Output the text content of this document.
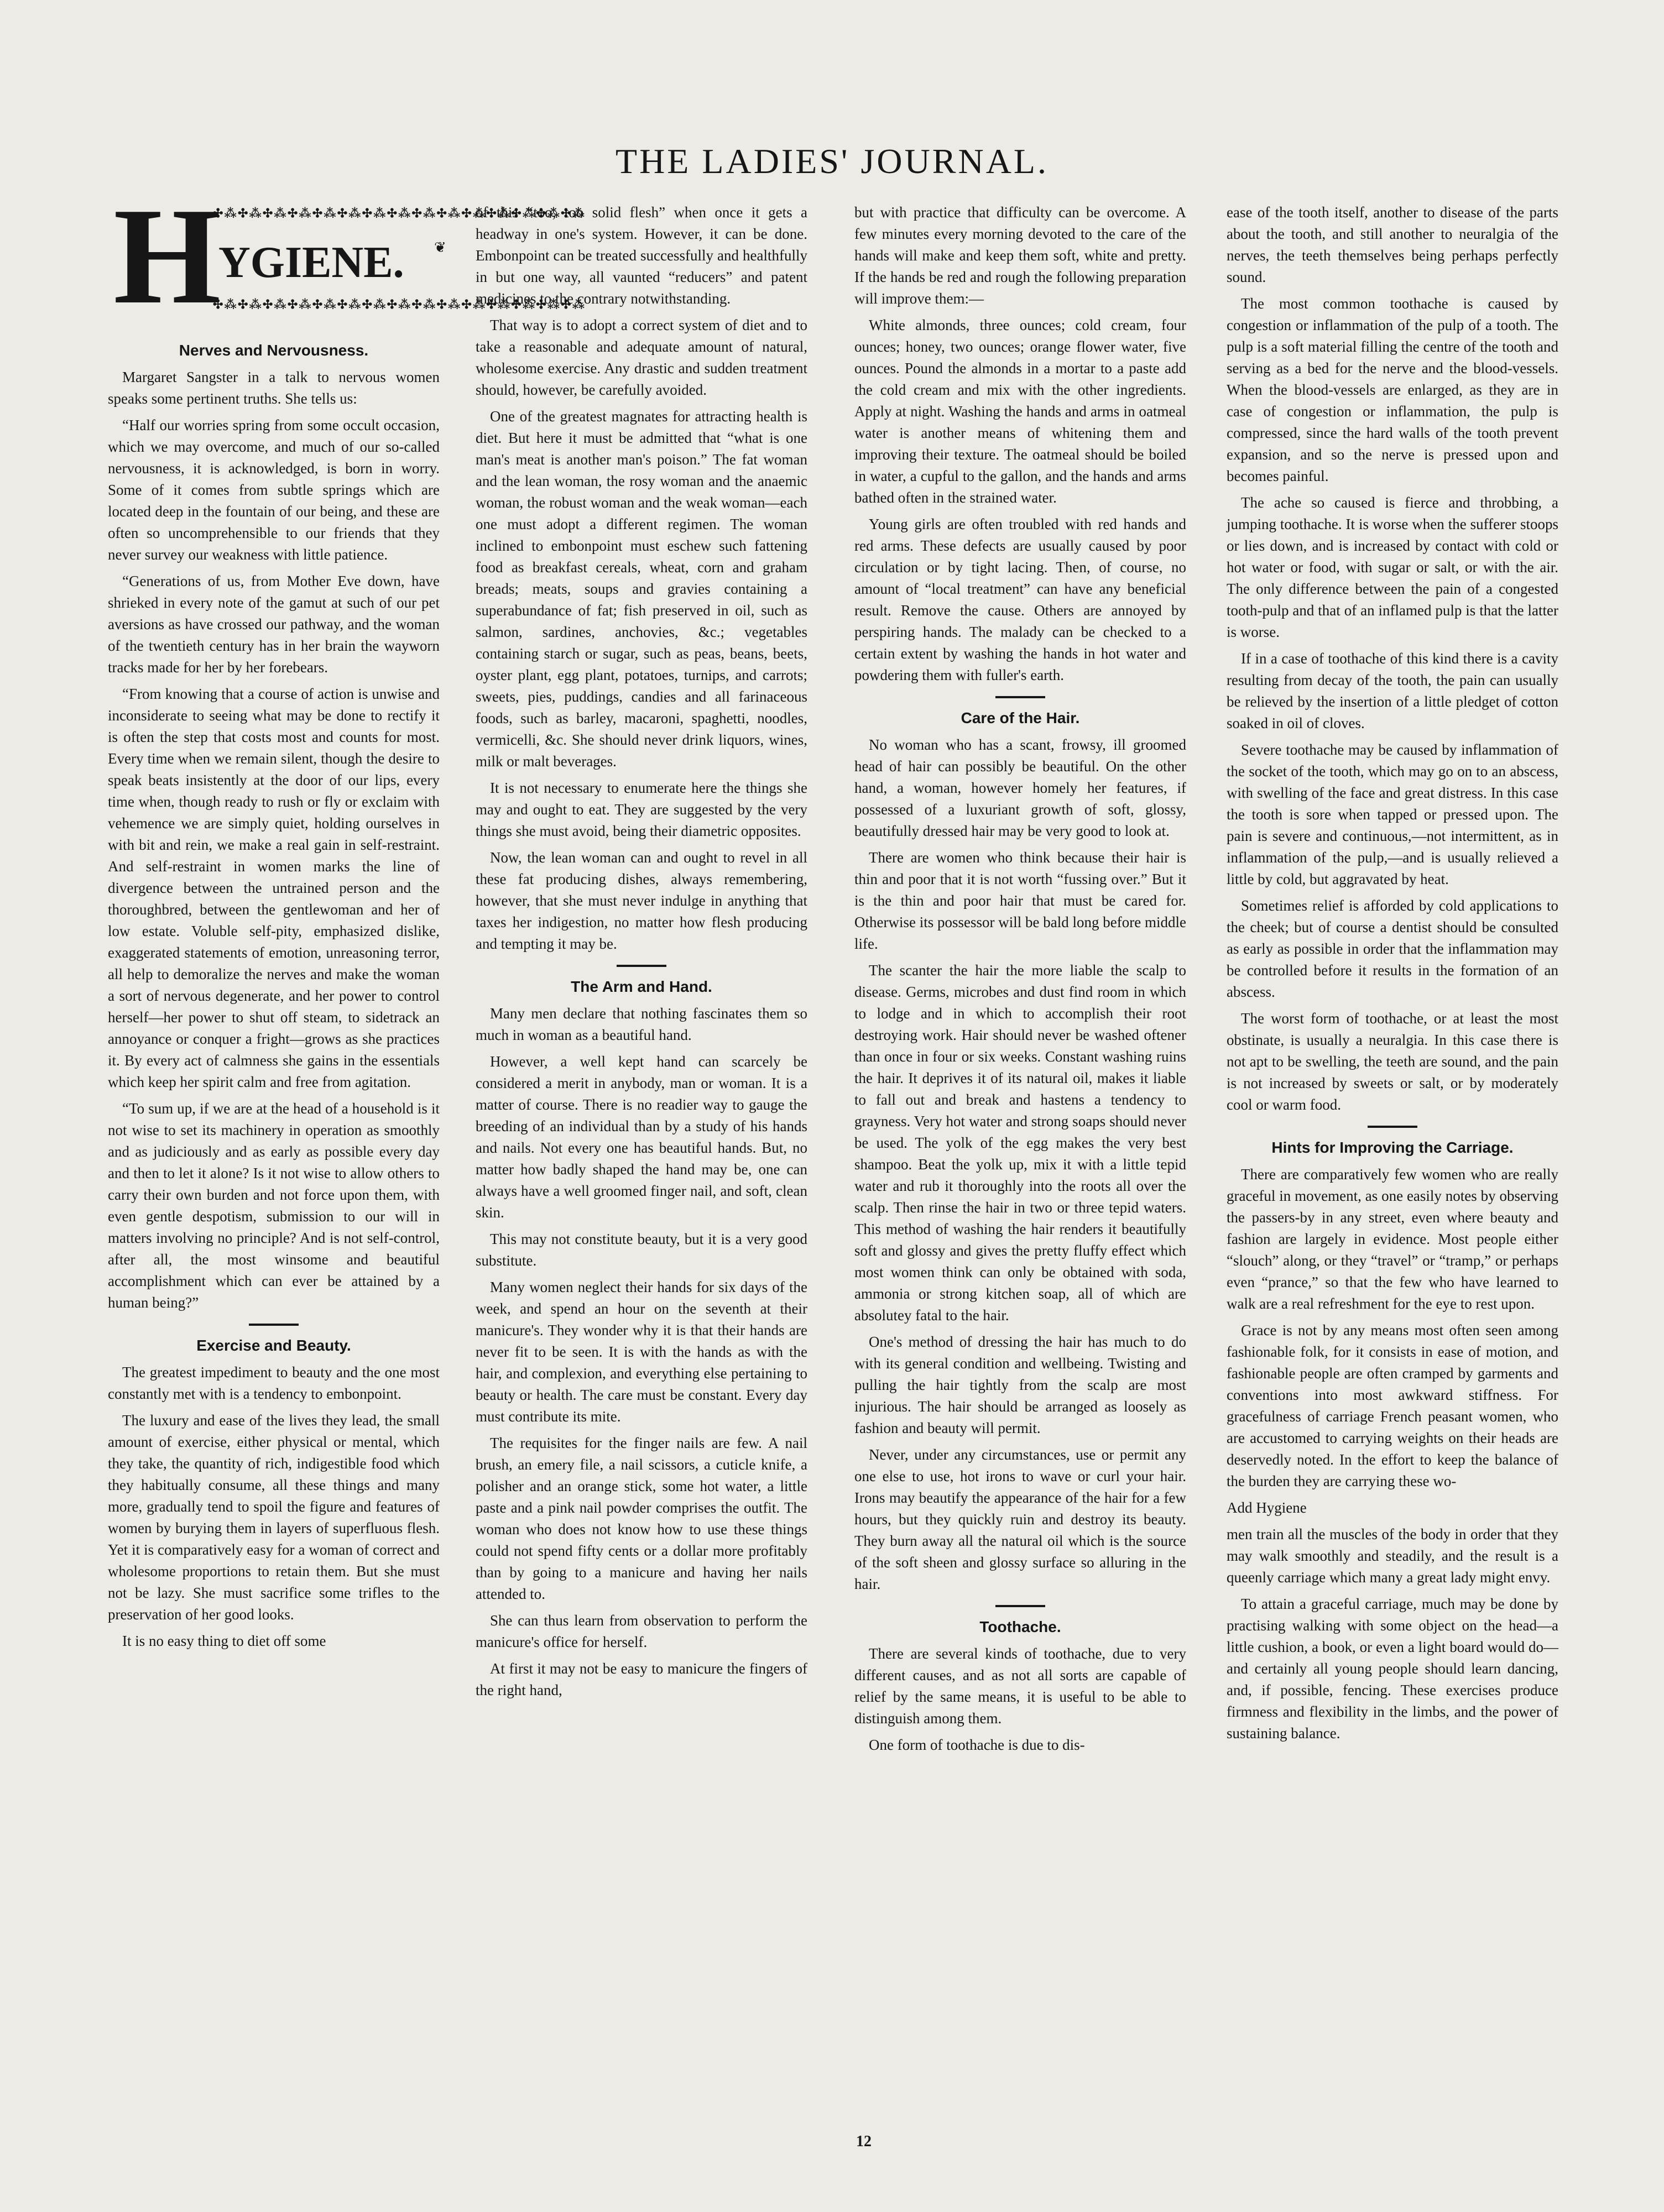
THE LADIES' JOURNAL.
✣⁂✣⁂✣⁂✣⁂✣⁂✣⁂✣⁂✣⁂✣⁂✣⁂✣⁂✣⁂✣⁂✣⁂✣⁂
H
YGIENE. ❦
✣⁂✣⁂✣⁂✣⁂✣⁂✣⁂✣⁂✣⁂✣⁂✣⁂✣⁂✣⁂✣⁂✣⁂✣⁂
Nerves and Nervousness.

Margaret Sangster in a talk to nervous women speaks some pertinent truths. She tells us:

“Half our worries spring from some occult occasion, which we may overcome, and much of our so-called nervousness, it is acknowledged, is born in worry. Some of it comes from subtle springs which are located deep in the fountain of our being, and these are often so uncomprehensible to our friends that they never survey our weakness with little patience.

“Generations of us, from Mother Eve down, have shrieked in every note of the gamut at such of our pet aversions as have crossed our pathway, and the woman of the twentieth century has in her brain the wayworn tracks made for her by her forebears.

“From knowing that a course of action is unwise and inconsiderate to seeing what may be done to rectify it is often the step that costs most and counts for most. Every time when we remain silent, though the desire to speak beats insistently at the door of our lips, every time when, though ready to rush or fly or exclaim with vehemence we are simply quiet, holding ourselves in with bit and rein, we make a real gain in self-restraint. And self-restraint in women marks the line of divergence between the untrained person and the thoroughbred, between the gentlewoman and her of low estate. Voluble self-pity, emphasized dislike, exaggerated statements of emotion, unreasoning terror, all help to demoralize the nerves and make the woman a sort of nervous degenerate, and her power to control herself—her power to shut off steam, to sidetrack an annoyance or conquer a fright—grows as she practices it. By every act of calmness she gains in the essentials which keep her spirit calm and free from agitation.

“To sum up, if we are at the head of a household is it not wise to set its machinery in operation as smoothly and as judiciously and as early as possible every day and then to let it alone? Is it not wise to allow others to carry their own burden and not force upon them, with even gentle despotism, submission to our will in matters involving no principle? And is not self-control, after all, the most winsome and beautiful accomplishment which can ever be attained by a human being?”

Exercise and Beauty.

The greatest impediment to beauty and the one most constantly met with is a tendency to embonpoint.

The luxury and ease of the lives they lead, the small amount of exercise, either physical or mental, which they take, the quantity of rich, indigestible food which they habitually consume, all these things and many more, gradually tend to spoil the figure and features of women by burying them in layers of superfluous flesh. Yet it is comparatively easy for a woman of correct and wholesome proportions to retain them. But she must not be lazy. She must sacrifice some trifles to the preservation of her good looks.

It is no easy thing to diet off some

of this “too, too solid flesh” when once it gets a headway in one's system. However, it can be done. Embonpoint can be treated successfully and healthfully in but one way, all vaunted “reducers” and patent medicines to the contrary notwithstanding.

That way is to adopt a correct system of diet and to take a reasonable and adequate amount of natural, wholesome exercise. Any drastic and sudden treatment should, however, be carefully avoided.

One of the greatest magnates for attracting health is diet. But here it must be admitted that “what is one man's meat is another man's poison.” The fat woman and the lean woman, the rosy woman and the anaemic woman, the robust woman and the weak woman—each one must adopt a different regimen. The woman inclined to embonpoint must eschew such fattening food as breakfast cereals, wheat, corn and graham breads; meats, soups and gravies containing a superabundance of fat; fish preserved in oil, such as salmon, sardines, anchovies, &c.; vegetables containing starch or sugar, such as peas, beans, beets, oyster plant, egg plant, potatoes, turnips, and carrots; sweets, pies, puddings, candies and all farinaceous foods, such as barley, macaroni, spaghetti, noodles, vermicelli, &c. She should never drink liquors, wines, milk or malt beverages.

It is not necessary to enumerate here the things she may and ought to eat. They are suggested by the very things she must avoid, being their diametric opposites.

Now, the lean woman can and ought to revel in all these fat producing dishes, always remembering, however, that she must never indulge in anything that taxes her indigestion, no matter how flesh producing and tempting it may be.

The Arm and Hand.

Many men declare that nothing fascinates them so much in woman as a beautiful hand.

However, a well kept hand can scarcely be considered a merit in anybody, man or woman. It is a matter of course. There is no readier way to gauge the breeding of an individual than by a study of his hands and nails. Not every one has beautiful hands. But, no matter how badly shaped the hand may be, one can always have a well groomed finger nail, and soft, clean skin.

This may not constitute beauty, but it is a very good substitute.

Many women neglect their hands for six days of the week, and spend an hour on the seventh at their manicure's. They wonder why it is that their hands are never fit to be seen. It is with the hands as with the hair, and complexion, and everything else pertaining to beauty or health. The care must be constant. Every day must contribute its mite.

The requisites for the finger nails are few. A nail brush, an emery file, a nail scissors, a cuticle knife, a polisher and an orange stick, some hot water, a little paste and a pink nail powder comprises the outfit. The woman who does not know how to use these things could not spend fifty cents or a dollar more profitably than by going to a manicure and having her nails attended to.

She can thus learn from observation to perform the manicure's office for herself.

At first it may not be easy to manicure the fingers of the right hand,

but with practice that difficulty can be overcome. A few minutes every morning devoted to the care of the hands will make and keep them soft, white and pretty. If the hands be red and rough the following preparation will improve them:—

White almonds, three ounces; cold cream, four ounces; honey, two ounces; orange flower water, five ounces. Pound the almonds in a mortar to a paste add the cold cream and mix with the other ingredients. Apply at night. Washing the hands and arms in oatmeal water is another means of whitening them and improving their texture. The oatmeal should be boiled in water, a cupful to the gallon, and the hands and arms bathed often in the strained water.

Young girls are often troubled with red hands and red arms. These defects are usually caused by poor circulation or by tight lacing. Then, of course, no amount of “local treatment” can have any beneficial result. Remove the cause. Others are annoyed by perspiring hands. The malady can be checked to a certain extent by washing the hands in hot water and powdering them with fuller's earth.

Care of the Hair.

No woman who has a scant, frowsy, ill groomed head of hair can possibly be beautiful. On the other hand, a woman, however homely her features, if possessed of a luxuriant growth of soft, glossy, beautifully dressed hair may be very good to look at.

There are women who think because their hair is thin and poor that it is not worth “fussing over.” But it is the thin and poor hair that must be cared for. Otherwise its possessor will be bald long before middle life.

The scanter the hair the more liable the scalp to disease. Germs, microbes and dust find room in which to lodge and in which to accomplish their root destroying work. Hair should never be washed oftener than once in four or six weeks. Constant washing ruins the hair. It deprives it of its natural oil, makes it liable to fall out and break and hastens a tendency to grayness. Very hot water and strong soaps should never be used. The yolk of the egg makes the very best shampoo. Beat the yolk up, mix it with a little tepid water and rub it thoroughly into the roots all over the scalp. Then rinse the hair in two or three tepid waters. This method of washing the hair renders it beautifully soft and glossy and gives the pretty fluffy effect which most women think can only be obtained with soda, ammonia or strong kitchen soap, all of which are absolutey fatal to the hair.

One's method of dressing the hair has much to do with its general condition and wellbeing. Twisting and pulling the hair tightly from the scalp are most injurious. The hair should be arranged as loosely as fashion and beauty will permit.

Never, under any circumstances, use or permit any one else to use, hot irons to wave or curl your hair. Irons may beautify the appearance of the hair for a few hours, but they quickly ruin and destroy its beauty. They burn away all the natural oil which is the source of the soft sheen and glossy surface so alluring in the hair.

Toothache.

There are several kinds of toothache, due to very different causes, and as not all sorts are capable of relief by the same means, it is useful to be able to distinguish among them.

One form of toothache is due to dis-

ease of the tooth itself, another to disease of the parts about the tooth, and still another to neuralgia of the nerves, the teeth themselves being perhaps perfectly sound.

The most common toothache is caused by congestion or inflammation of the pulp of a tooth. The pulp is a soft material filling the centre of the tooth and serving as a bed for the nerve and the blood-vessels. When the blood-vessels are enlarged, as they are in case of congestion or inflammation, the pulp is compressed, since the hard walls of the tooth prevent expansion, and so the nerve is pressed upon and becomes painful.

The ache so caused is fierce and throbbing, a jumping toothache. It is worse when the sufferer stoops or lies down, and is increased by contact with cold or hot water or food, with sugar or salt, or with the air. The only difference between the pain of a congested tooth-pulp and that of an inflamed pulp is that the latter is worse.

If in a case of toothache of this kind there is a cavity resulting from decay of the tooth, the pain can usually be relieved by the insertion of a little pledget of cotton soaked in oil of cloves.

Severe toothache may be caused by inflammation of the socket of the tooth, which may go on to an abscess, with swelling of the face and great distress. In this case the tooth is sore when tapped or pressed upon. The pain is severe and continuous,—not intermittent, as in inflammation of the pulp,—and is usually relieved a little by cold, but aggravated by heat.

Sometimes relief is afforded by cold applications to the cheek; but of course a dentist should be consulted as early as possible in order that the inflammation may be controlled before it results in the formation of an abscess.

The worst form of toothache, or at least the most obstinate, is usually a neuralgia. In this case there is not apt to be swelling, the teeth are sound, and the pain is not increased by sweets or salt, or by moderately cool or warm food.

Hints for Improving the Carriage.

There are comparatively few women who are really graceful in movement, as one easily notes by observing the passers-by in any street, even where beauty and fashion are largely in evidence. Most people either “slouch” along, or they “travel” or “tramp,” or perhaps even “prance,” so that the few who have learned to walk are a real refreshment for the eye to rest upon.

Grace is not by any means most often seen among fashionable folk, for it consists in ease of motion, and fashionable people are often cramped by garments and conventions into most awkward stiffness. For gracefulness of carriage French peasant women, who are accustomed to carrying weights on their heads are deservedly noted. In the effort to keep the balance of the burden they are carrying these wo-

Add Hygiene

men train all the muscles of the body in order that they may walk smoothly and steadily, and the result is a queenly carriage which many a great lady might envy.

To attain a graceful carriage, much may be done by practising walking with some object on the head—a little cushion, a book, or even a light board would do—and certainly all young people should learn dancing, and, if possible, fencing. These exercises produce firmness and flexibility in the limbs, and the power of sustaining balance.

12
